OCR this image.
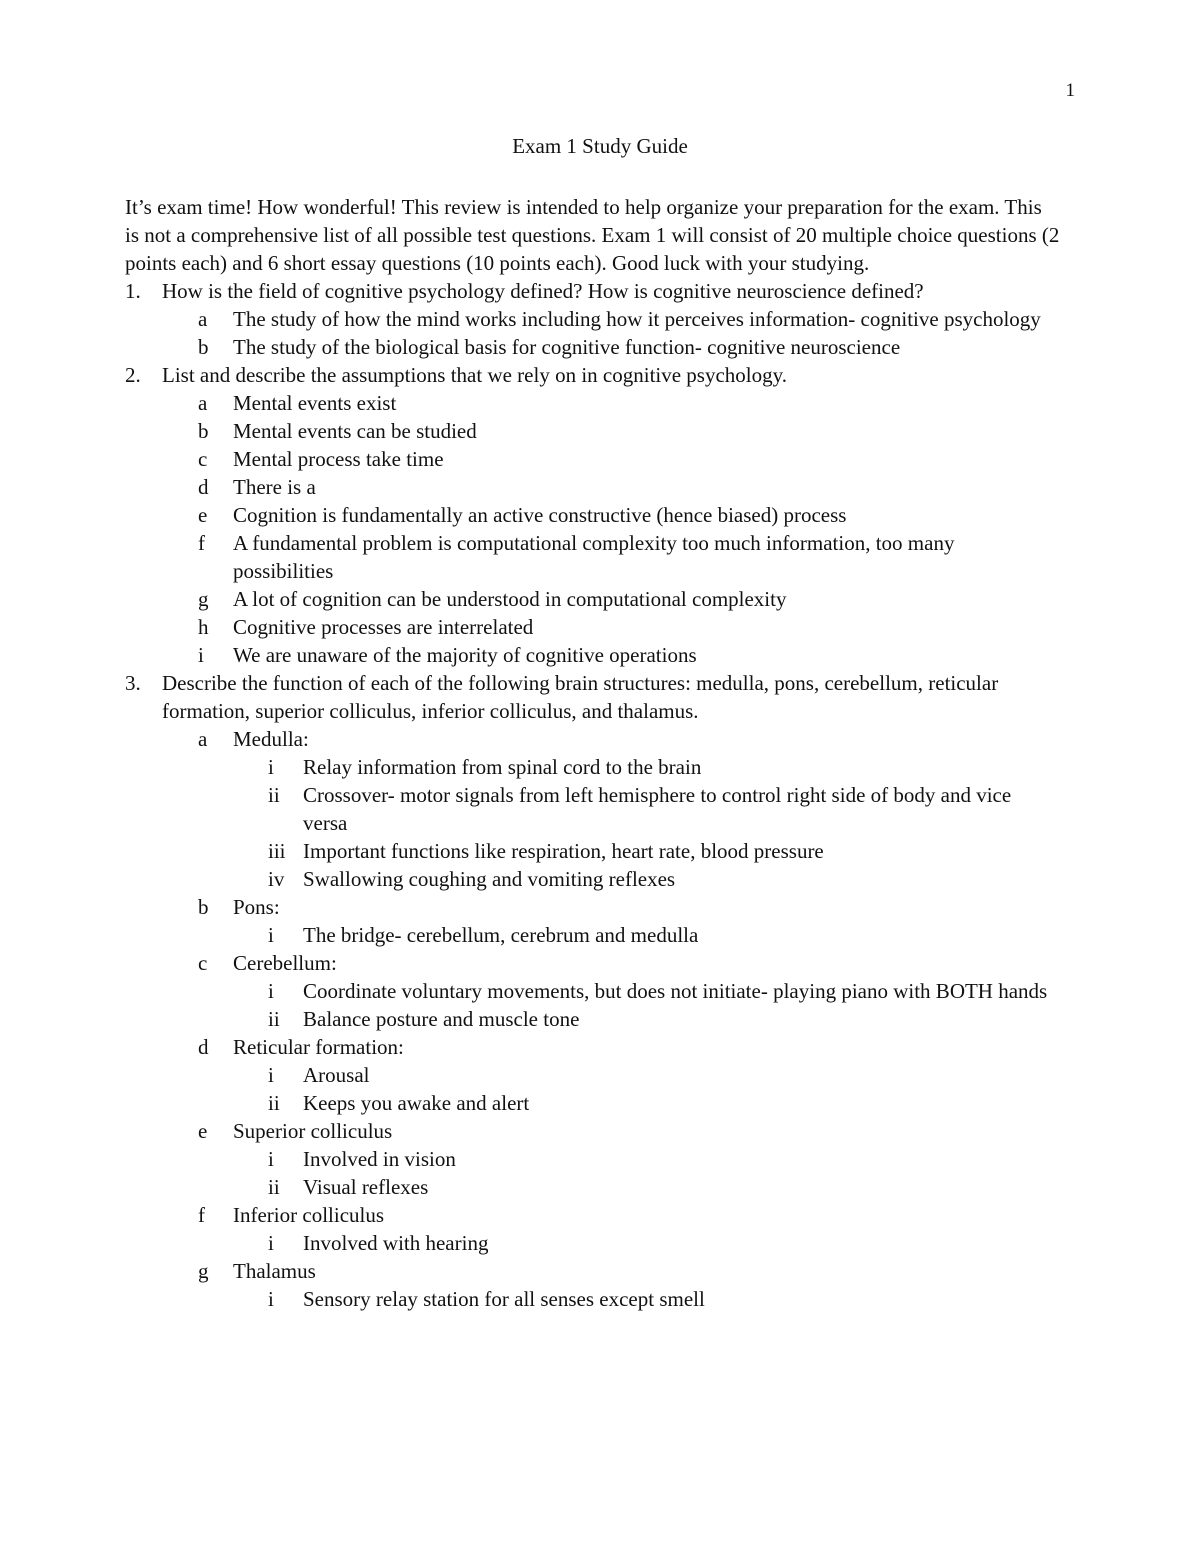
1
Exam 1 Study Guide

It’s exam time! How wonderful! This review is intended to help organize your preparation for the exam. This is not a comprehensive list of all possible test questions. Exam 1 will consist of 20 multiple choice questions (2 points each) and 6 short essay questions (10 points each). Good luck with your studying.

1. How is the field of cognitive psychology defined? How is cognitive neuroscience defined?
a The study of how the mind works including how it perceives information- cognitive psychology
b The study of the biological basis for cognitive function- cognitive neuroscience
2. List and describe the assumptions that we rely on in cognitive psychology.
a Mental events exist
b Mental events can be studied
c Mental process take time
d There is a
e Cognition is fundamentally an active constructive (hence biased) process
f A fundamental problem is computational complexity too much information, too many possibilities
g A lot of cognition can be understood in computational complexity
h Cognitive processes are interrelated
i We are unaware of the majority of cognitive operations
3. Describe the function of each of the following brain structures: medulla, pons, cerebellum, reticular formation, superior colliculus, inferior colliculus, and thalamus.
a Medulla:
i Relay information from spinal cord to the brain
ii Crossover- motor signals from left hemisphere to control right side of body and vice versa
iii Important functions like respiration, heart rate, blood pressure
iv Swallowing coughing and vomiting reflexes
b Pons:
i The bridge- cerebellum, cerebrum and medulla
c Cerebellum:
i Coordinate voluntary movements, but does not initiate- playing piano with BOTH hands
ii Balance posture and muscle tone
d Reticular formation:
i Arousal
ii Keeps you awake and alert
e Superior colliculus
i Involved in vision
ii Visual reflexes
f Inferior colliculus
i Involved with hearing
g Thalamus
i Sensory relay station for all senses except smell
